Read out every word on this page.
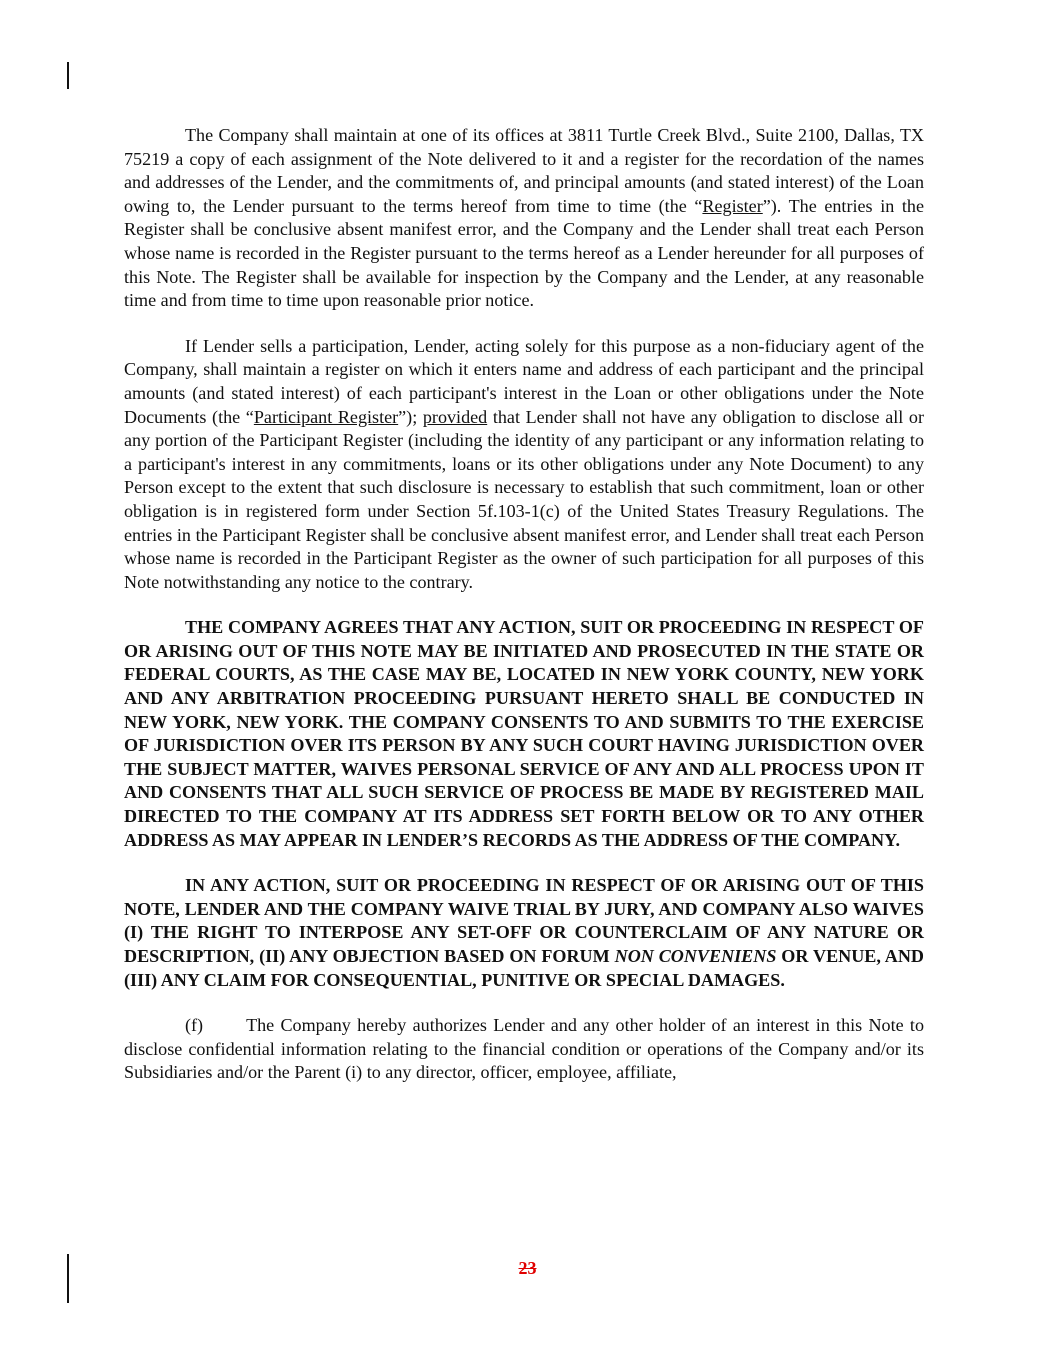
The Company shall maintain at one of its offices at 3811 Turtle Creek Blvd., Suite 2100, Dallas, TX 75219 a copy of each assignment of the Note delivered to it and a register for the recordation of the names and addresses of the Lender, and the commitments of, and principal amounts (and stated interest) of the Loan owing to, the Lender pursuant to the terms hereof from time to time (the “Register”). The entries in the Register shall be conclusive absent manifest error, and the Company and the Lender shall treat each Person whose name is recorded in the Register pursuant to the terms hereof as a Lender hereunder for all purposes of this Note. The Register shall be available for inspection by the Company and the Lender, at any reasonable time and from time to time upon reasonable prior notice.

If Lender sells a participation, Lender, acting solely for this purpose as a non-fiduciary agent of the Company, shall maintain a register on which it enters name and address of each participant and the principal amounts (and stated interest) of each participant's interest in the Loan or other obligations under the Note Documents (the “Participant Register”); provided that Lender shall not have any obligation to disclose all or any portion of the Participant Register (including the identity of any participant or any information relating to a participant's interest in any commitments, loans or its other obligations under any Note Document) to any Person except to the extent that such disclosure is necessary to establish that such commitment, loan or other obligation is in registered form under Section 5f.103-1(c) of the United States Treasury Regulations. The entries in the Participant Register shall be conclusive absent manifest error, and Lender shall treat each Person whose name is recorded in the Participant Register as the owner of such participation for all purposes of this Note notwithstanding any notice to the contrary.

THE COMPANY AGREES THAT ANY ACTION, SUIT OR PROCEEDING IN RESPECT OF OR ARISING OUT OF THIS NOTE MAY BE INITIATED AND PROSECUTED IN THE STATE OR FEDERAL COURTS, AS THE CASE MAY BE, LOCATED IN NEW YORK COUNTY, NEW YORK AND ANY ARBITRATION PROCEEDING PURSUANT HERETO SHALL BE CONDUCTED IN NEW YORK, NEW YORK. THE COMPANY CONSENTS TO AND SUBMITS TO THE EXERCISE OF JURISDICTION OVER ITS PERSON BY ANY SUCH COURT HAVING JURISDICTION OVER THE SUBJECT MATTER, WAIVES PERSONAL SERVICE OF ANY AND ALL PROCESS UPON IT AND CONSENTS THAT ALL SUCH SERVICE OF PROCESS BE MADE BY REGISTERED MAIL DIRECTED TO THE COMPANY AT ITS ADDRESS SET FORTH BELOW OR TO ANY OTHER ADDRESS AS MAY APPEAR IN LENDER’S RECORDS AS THE ADDRESS OF THE COMPANY.

IN ANY ACTION, SUIT OR PROCEEDING IN RESPECT OF OR ARISING OUT OF THIS NOTE, LENDER AND THE COMPANY WAIVE TRIAL BY JURY, AND COMPANY ALSO WAIVES (I) THE RIGHT TO INTERPOSE ANY SET-OFF OR COUNTERCLAIM OF ANY NATURE OR DESCRIPTION, (II) ANY OBJECTION BASED ON FORUM NON CONVENIENS OR VENUE, AND (III) ANY CLAIM FOR CONSEQUENTIAL, PUNITIVE OR SPECIAL DAMAGES.

(f) The Company hereby authorizes Lender and any other holder of an interest in this Note to disclose confidential information relating to the financial condition or operations of the Company and/or its Subsidiaries and/or the Parent (i) to any director, officer, employee, affiliate,

23
